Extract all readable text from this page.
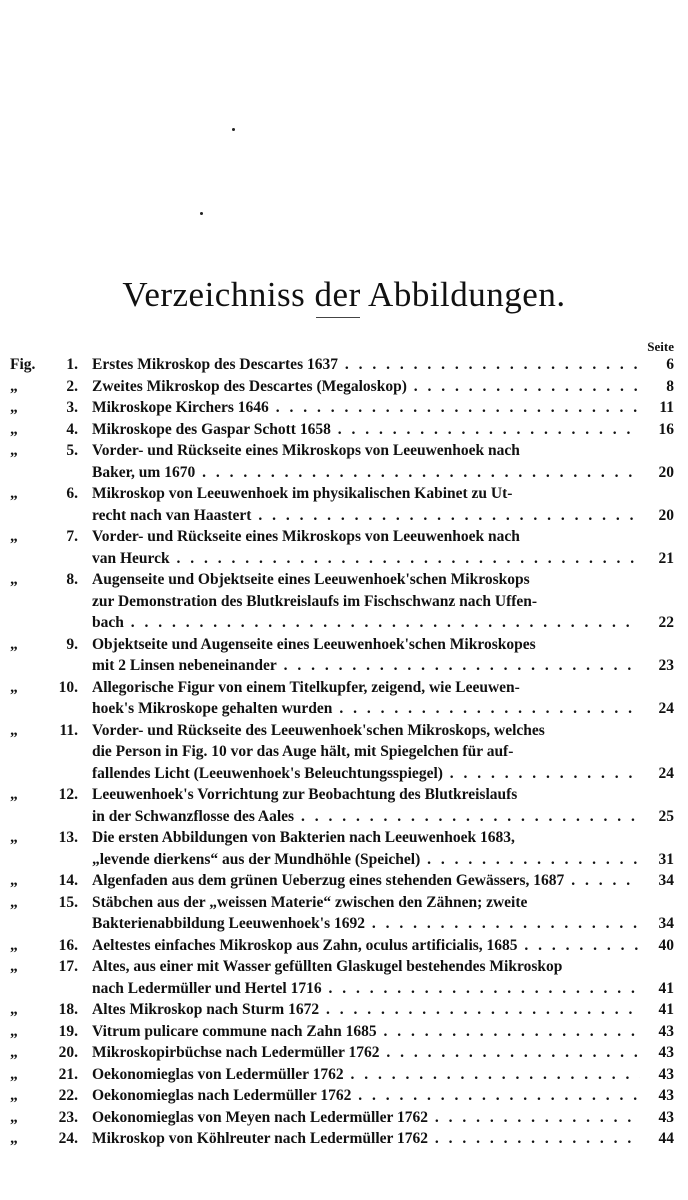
Verzeichniss der Abbildungen.
Seite
Fig.	1. Erstes Mikroskop des Descartes 1637 . . .	6
„	2. Zweites Mikroskop des Descartes (Megaloskop) . . .	8
„	3. Mikroskope Kirchers 1646 . . .	11
„	4. Mikroskope des Gaspar Schott 1658 . . .	16
„	5. Vorder- und Rückseite eines Mikroskops von Leeuwenhoek nach
Baker, um 1670 . . .	20
„	6. Mikroskop von Leeuwenhoek im physikalischen Kabinet zu Ut-
recht nach van Haastert . . .	20
„	7. Vorder- und Rückseite eines Mikroskops von Leeuwenhoek nach
van Heurck . . .	21
„	8. Augenseite und Objektseite eines Leeuwenhoek'schen Mikroskops
zur Demonstration des Blutkreislaufs im Fischschwanz nach Uffen-
bach . . .	22
„	9. Objektseite und Augenseite eines Leeuwenhoek'schen Mikroskopes
mit 2 Linsen nebeneinander . . .	23
„	10. Allegorische Figur von einem Titelkupfer, zeigend, wie Leeuwen-
hoek's Mikroskope gehalten wurden . . .	24
„	11. Vorder- und Rückseite des Leeuwenhoek'schen Mikroskops, welches
die Person in Fig. 10 vor das Auge hält, mit Spiegelchen für auf-
fallendes Licht (Leeuwenhoek's Beleuchtungsspiegel) . . .	24
„	12. Leeuwenhoek's Vorrichtung zur Beobachtung des Blutkreislaufs
in der Schwanzflosse des Aales . . .	25
„	13. Die ersten Abbildungen von Bakterien nach Leeuwenhoek 1683,
„levende dierkens“ aus der Mundhöhle (Speichel) . . .	31
„	14. Algenfaden aus dem grünen Ueberzug eines stehenden Gewässers, 1687 . . .	34
„	15. Stäbchen aus der „weissen Materie“ zwischen den Zähnen; zweite
Bakterienabbildung Leeuwenhoek's 1692 . . .	34
„	16. Aeltestes einfaches Mikroskop aus Zahn, oculus artificialis, 1685 . . .	40
„	17. Altes, aus einer mit Wasser gefüllten Glaskugel bestehendes Mikroskop
nach Ledermüller und Hertel 1716 . . .	41
„	18. Altes Mikroskop nach Sturm 1672 . . .	41
„	19. Vitrum pulicare commune nach Zahn 1685 . . .	43
„	20. Mikroskopirbüchse nach Ledermüller 1762 . . .	43
„	21. Oekonomieglas von Ledermüller 1762 . . .	43
„	22. Oekonomieglas nach Ledermüller 1762 . . .	43
„	23. Oekonomieglas von Meyen nach Ledermüller 1762 . . .	43
„	24. Mikroskop von Köhlreuter nach Ledermüller 1762 . . .	44
